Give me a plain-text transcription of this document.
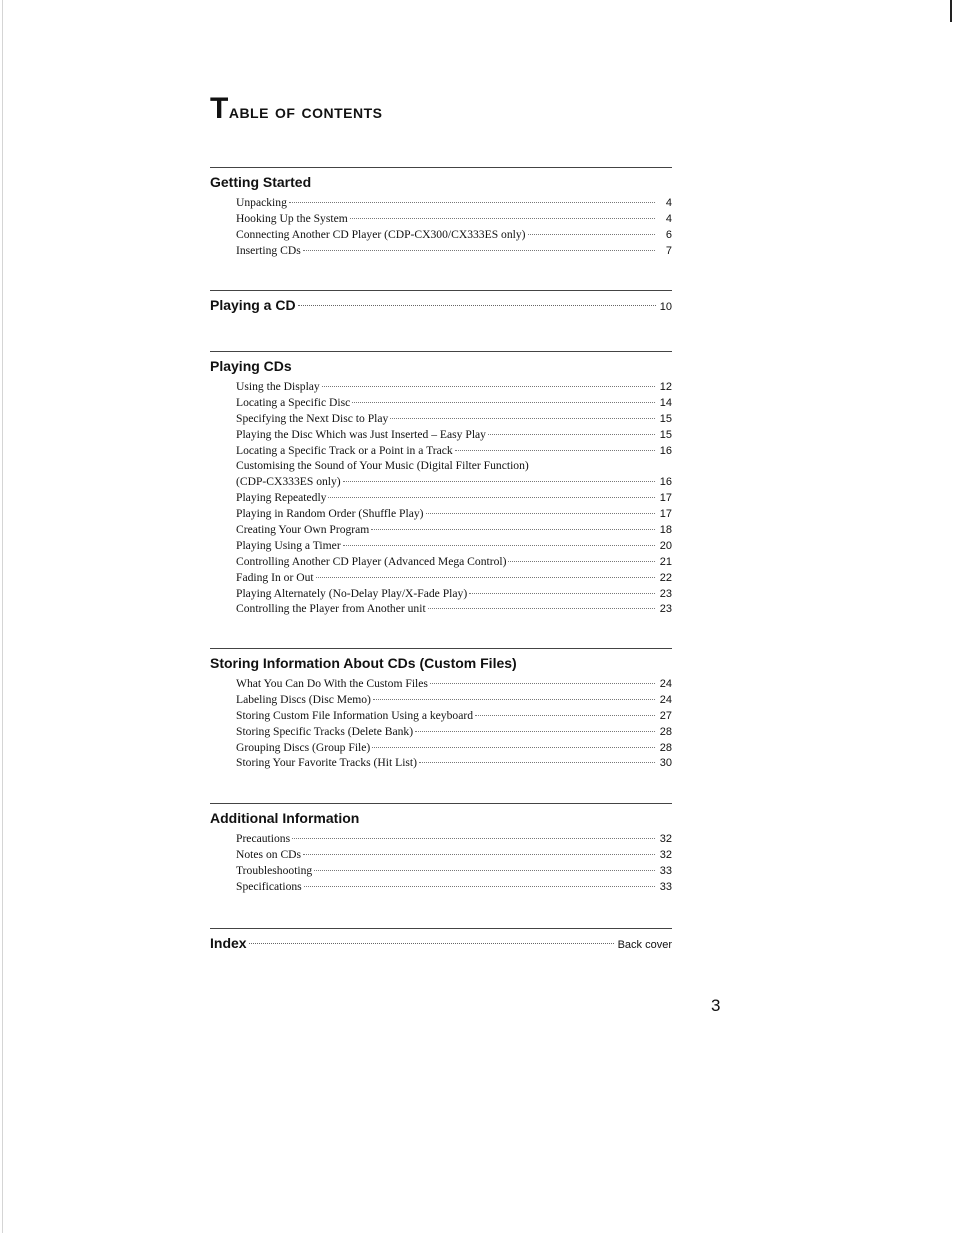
Table of contents
Getting Started
Unpacking	4
Hooking Up the System	4
Connecting Another CD Player (CDP-CX300/CX333ES only)	6
Inserting CDs	7
Playing a CD	10
Playing CDs
Using the Display	12
Locating a Specific Disc	14
Specifying the Next Disc to Play	15
Playing the Disc Which was Just Inserted – Easy Play	15
Locating a Specific Track or a Point in a Track	16
Customising the Sound of Your Music (Digital Filter Function)
(CDP-CX333ES only)	16
Playing Repeatedly	17
Playing in Random Order (Shuffle Play)	17
Creating Your Own Program	18
Playing Using a Timer	20
Controlling Another CD Player (Advanced Mega Control)	21
Fading In or Out	22
Playing Alternately (No-Delay Play/X-Fade Play)	23
Controlling the Player from Another unit	23
Storing Information About CDs (Custom Files)
What You Can Do With the Custom Files	24
Labeling Discs (Disc Memo)	24
Storing Custom File Information Using a keyboard	27
Storing Specific Tracks (Delete Bank)	28
Grouping Discs (Group File)	28
Storing Your Favorite Tracks (Hit List)	30
Additional Information
Precautions	32
Notes on CDs	32
Troubleshooting	33
Specifications	33
Index	Back cover
3
